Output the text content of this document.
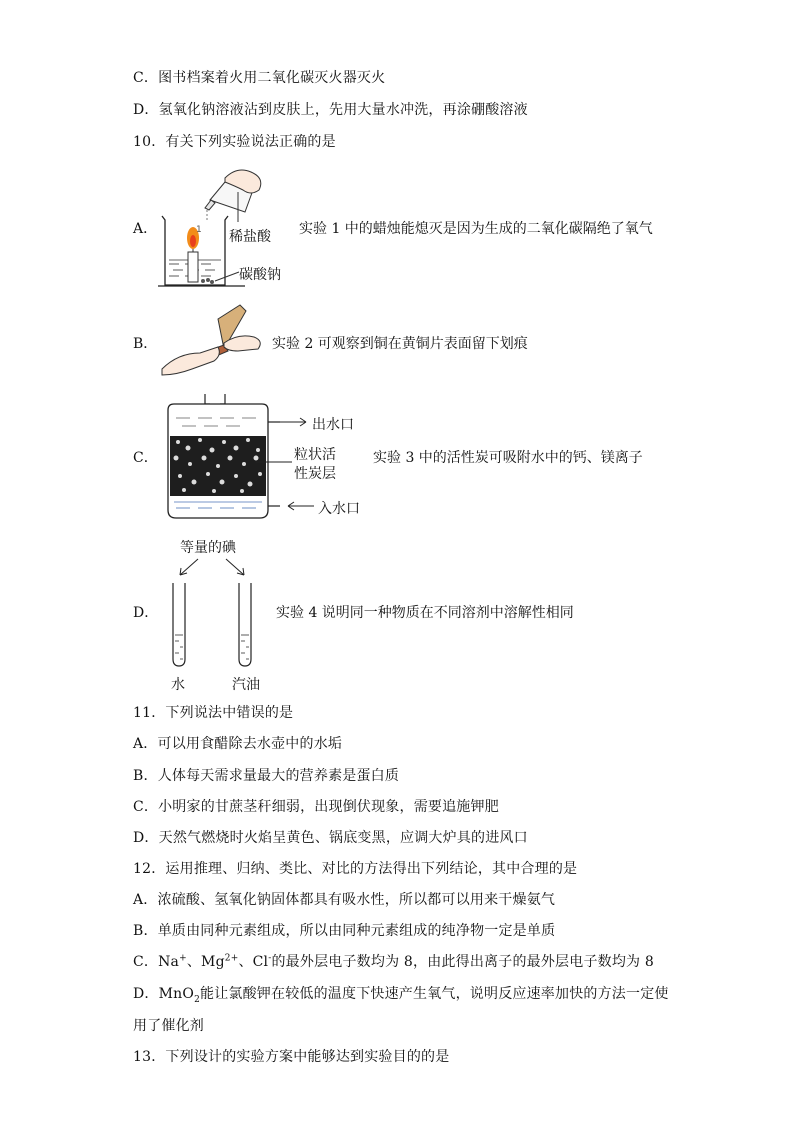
C．图书档案着火用二氧化碳灭火器灭火
D．氢氧化钠溶液沾到皮肤上，先用大量水冲洗，再涂硼酸溶液
10．有关下列实验说法正确的是
A．	1 稀盐酸
碳酸钠
实验 1 中的蜡烛能熄灭是因为生成的二氧化碳隔绝了氧气
B．	实验 2 可观察到铜在黄铜片表面留下划痕
C．
出水口
粒状活
性炭层
入水口
实验 3 中的活性炭可吸附水中的钙、镁离子
D．
等量的碘
水	汽油
实验 4 说明同一种物质在不同溶剂中溶解性相同
11．下列说法中错误的是
A．可以用食醋除去水壶中的水垢
B．人体每天需求量最大的营养素是蛋白质
C．小明家的甘蔗茎秆细弱，出现倒伏现象，需要追施钾肥
D．天然气燃烧时火焰呈黄色、锅底变黑，应调大炉具的进风口
12．运用推理、归纳、类比、对比的方法得出下列结论，其中合理的是
A．浓硫酸、氢氧化钠固体都具有吸水性，所以都可以用来干燥氨气
B．单质由同种元素组成，所以由同种元素组成的纯净物一定是单质
C．Na+、$Mg^{2+}$、Cl-的最外层电子数均为 8，由此得出离子的最外层电子数均为 8
D．MnO$_2$能让氯酸钾在较低的温度下快速产生氧气，说明反应速率加快的方法一定使
用了催化剂
13．下列设计的实验方案中能够达到实验目的的是
